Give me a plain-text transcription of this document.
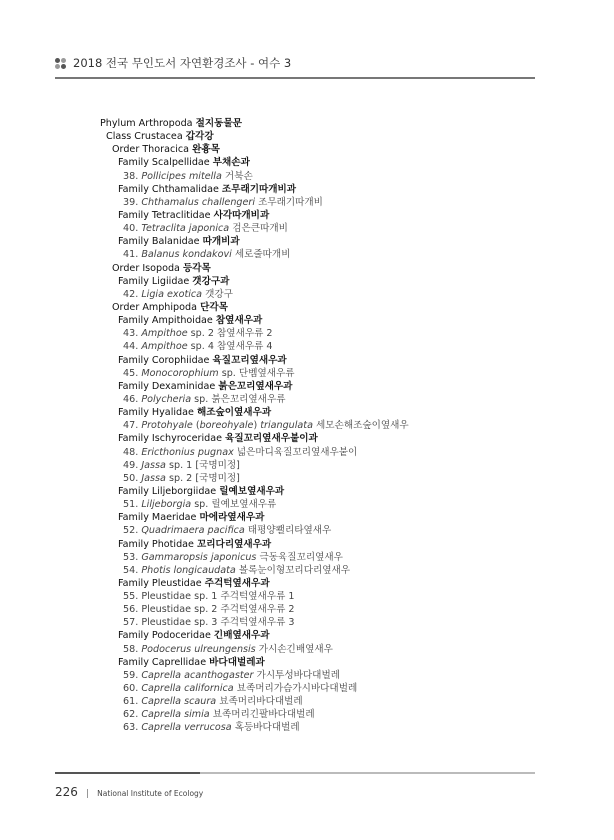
2018 전국 무인도서 자연환경조사 - 여수 3
Phylum Arthropoda 절지동물문
Class Crustacea 갑각강
Order Thoracica 완흉목
Family Scalpellidae 부채손과
38. Pollicipes mitella 거북손
Family Chthamalidae 조무래기따개비과
39. Chthamalus challengeri 조무래기따개비
Family Tetraclitidae 사각따개비과
40. Tetraclita japonica 검은큰따개비
Family Balanidae 따개비과
41. Balanus kondakovi 세로줄따개비
Order Isopoda 등각목
Family Ligiidae 갯강구과
42. Ligia exotica 갯강구
Order Amphipoda 단각목
Family Ampithoidae 참옆새우과
43. Ampithoe sp. 2 참옆새우류 2
44. Ampithoe sp. 4 참옆새우류 4
Family Corophiidae 육질꼬리옆새우과
45. Monocorophium sp. 단벰옆새우류
Family Dexaminidae 붉은꼬리옆새우과
46. Polycheria sp. 붉은꼬리옆새우류
Family Hyalidae 해조숲이옆새우과
47. Protohyale (boreohyale) triangulata 세모손해조숲이옆새우
Family Ischyroceridae 육질꼬리옆새우붙이과
48. Ericthonius pugnax 넓은마디육질꼬리옆새우붙이
49. Jassa sp. 1 [국명미정]
50. Jassa sp. 2 [국명미정]
Family Liljeborgiidae 릴예보옆새우과
51. Liljeborgia sp. 릴예보옆새우류
Family Maeridae 마에라옆새우과
52. Quadrimaera pacifica 태평양쾔리타옆새우
Family Photidae 꼬리다리옆새우과
53. Gammaropsis japonicus 극동육질꼬리옆새우
54. Photis longicaudata 볼록눈이형꼬리다리옆새우
Family Pleustidae 주걱턱옆새우과
55. Pleustidae sp. 1 주걱턱옆새우류 1
56. Pleustidae sp. 2 주걱턱옆새우류 2
57. Pleustidae sp. 3 주걱턱옆새우류 3
Family Podoceridae 긴배옆새우과
58. Podocerus ulreungensis 가시손긴배옆새우
Family Caprellidae 바다대벌레과
59. Caprella acanthogaster 가시투성바다대벌레
60. Caprella californica 뵤족머리가슴가시바다대벌레
61. Caprella scaura 뵤족머리바다대벌레
62. Caprella simia 뵤족머리긴팔바다대벌레
63. Caprella verrucosa 혹등바다대벌레
226 | National Institute of Ecology
